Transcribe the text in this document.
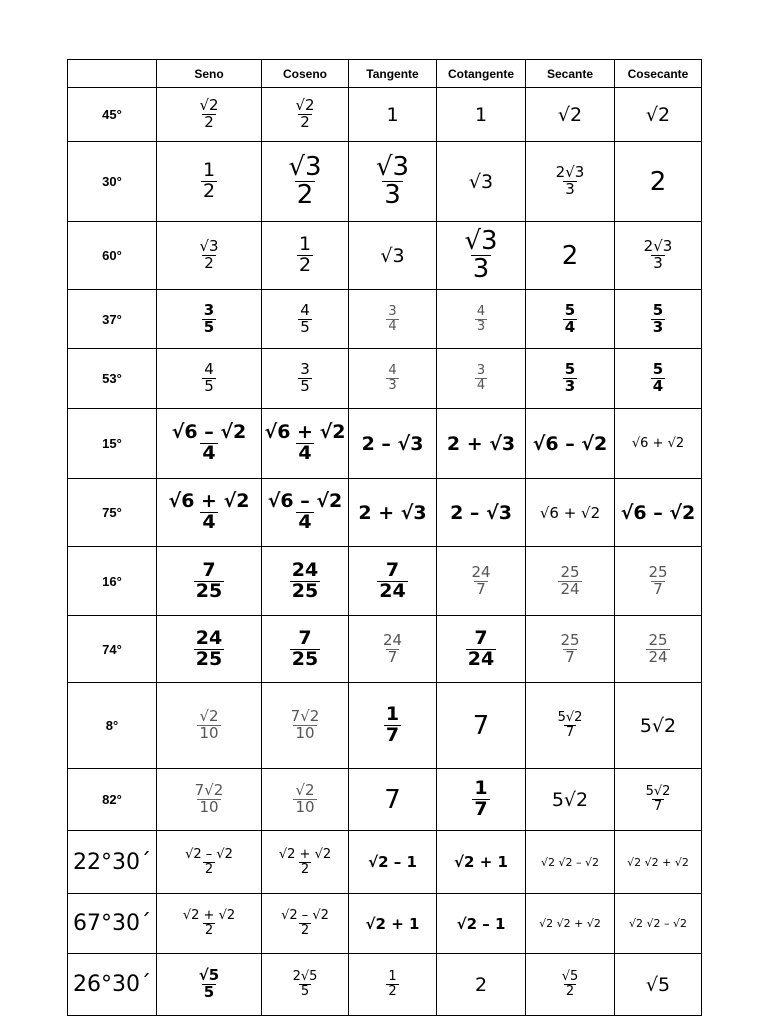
	Seno	Coseno	Tangente	Cotangente	Secante	Cosecante
45°	$\frac{√2}{2}$	$\frac{√2}{2}$	1	1	√2	√2
30°	$\frac{1}{2}$	$\frac{√3}{2}$	$\frac{√3}{3}$	√3	$\frac{2√3}{3}$	2
60°	$\frac{√3}{2}$	$\frac{1}{2}$	√3	$\frac{√3}{3}$	2	$\frac{2√3}{3}$

37°	$\frac{3}{5}$	$\frac{4}{5}$	$\frac{3}{4}$	$\frac{4}{3}$	$\frac{5}{4}$	$\frac{5}{3}$

53°	$\frac{4}{5}$	$\frac{3}{5}$	$\frac{4}{3}$	$\frac{3}{4}$	$\frac{5}{3}$	$\frac{5}{4}$

15°	$\frac{√6 - √2}{4}$	$\frac{√6 + √2}{4}$	2 – √3	2 + √3	√6 – √2	√6 + √2
75°	$\frac{√6 + √2}{4}$	$\frac{√6 - √2}{4}$	2 + √3	2 – √3	√6 + √2	√6 – √2
16°	$\frac{7}{25}$	$\frac{24}{25}$	$\frac{7}{24}$	$\frac{24}{7}$	$\frac{25}{24}$	$\frac{25}{7}$

74°	$\frac{24}{25}$	$\frac{7}{25}$	$\frac{24}{7}$	$\frac{7}{24}$	$\frac{25}{7}$	$\frac{25}{24}$

8°	$\frac{√2}{10}$	$\frac{7√2}{10}$	$\frac{1}{7}$	7	$\frac{5√2}{7}$	5√2
82°	$\frac{7√2}{10}$	$\frac{√2}{10}$	7	$\frac{1}{7}$	5√2	$\frac{5√2}{7}$

22°30´	$\frac{√2 - √2}{2}$	$\frac{√2 + √2}{2}$	√2 – 1	√2 + 1	√2 √2 – √2	√2 √2 + √2
67°30´	$\frac{√2 + √2}{2}$	$\frac{√2 - √2}{2}$	√2 + 1	√2 – 1	√2 √2 + √2	√2 √2 – √2
26°30´	$\frac{√5}{5}$	$\frac{2√5}{5}$	$\frac{1}{2}$	2	$\frac{√5}{2}$	√5
